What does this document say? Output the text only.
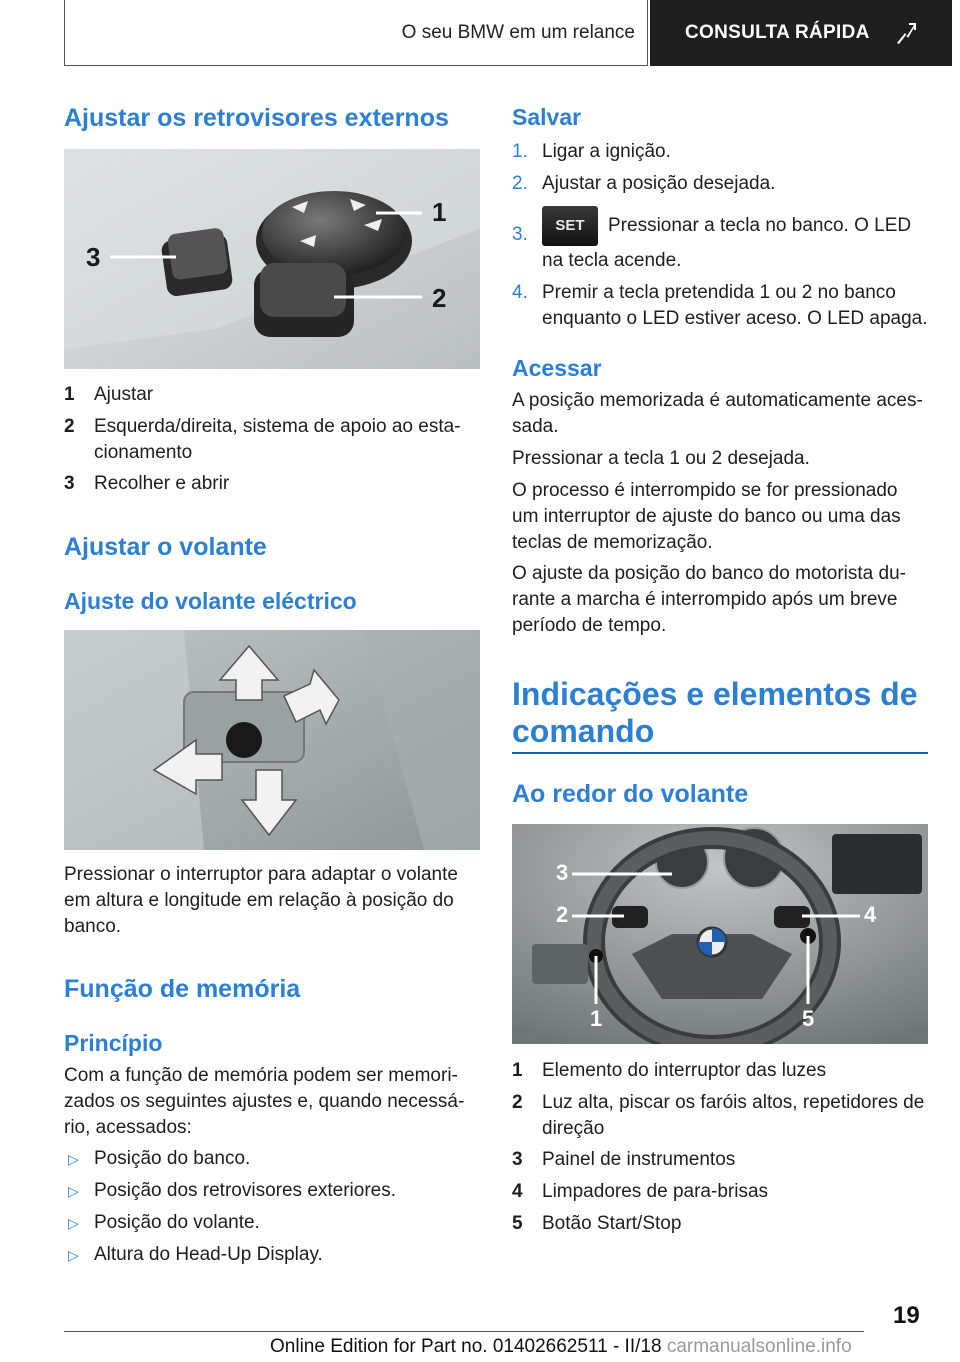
O seu BMW em um relance	CONSULTA RÁPIDA
Ajustar os retrovisores externos
1
2
3
1 Ajustar
2 Esquerda/direita, sistema de apoio ao esta-
cionamento
3 Recolher e abrir
Ajustar o volante
Ajuste do volante eléctrico
Pressionar o interruptor para adaptar o volante
em altura e longitude em relação à posição do
banco.
Função de memória
Princípio
Com a função de memória podem ser memori-
zados os seguintes ajustes e, quando necessá-
rio, acessados:
▷ Posição do banco.
▷ Posição dos retrovisores exteriores.
▷ Posição do volante.
▷ Altura do Head-Up Display.
Salvar
1. Ligar a ignição.
2. Ajustar a posição desejada.
3.	SET Pressionar a tecla no banco. O LED
na tecla acende.
4. Premir a tecla pretendida 1 ou 2 no banco
enquanto o LED estiver aceso. O LED apaga.
Acessar
A posição memorizada é automaticamente aces-
sada.
Pressionar a tecla 1 ou 2 desejada.
O processo é interrompido se for pressionado
um interruptor de ajuste do banco ou uma das
teclas de memorização.
O ajuste da posição do banco do motorista du-
rante a marcha é interrompido após um breve
período de tempo.
Indicações e elementos de
comando
Ao redor do volante
3
2
1
4
5
1 Elemento do interruptor das luzes
2 Luz alta, piscar os faróis altos, repetidores de
direção
3 Painel de instrumentos
4 Limpadores de para-brisas
5 Botão Start/Stop
19
Online Edition for Part no. 01402662511 - II/18 carmanualsonline.info
